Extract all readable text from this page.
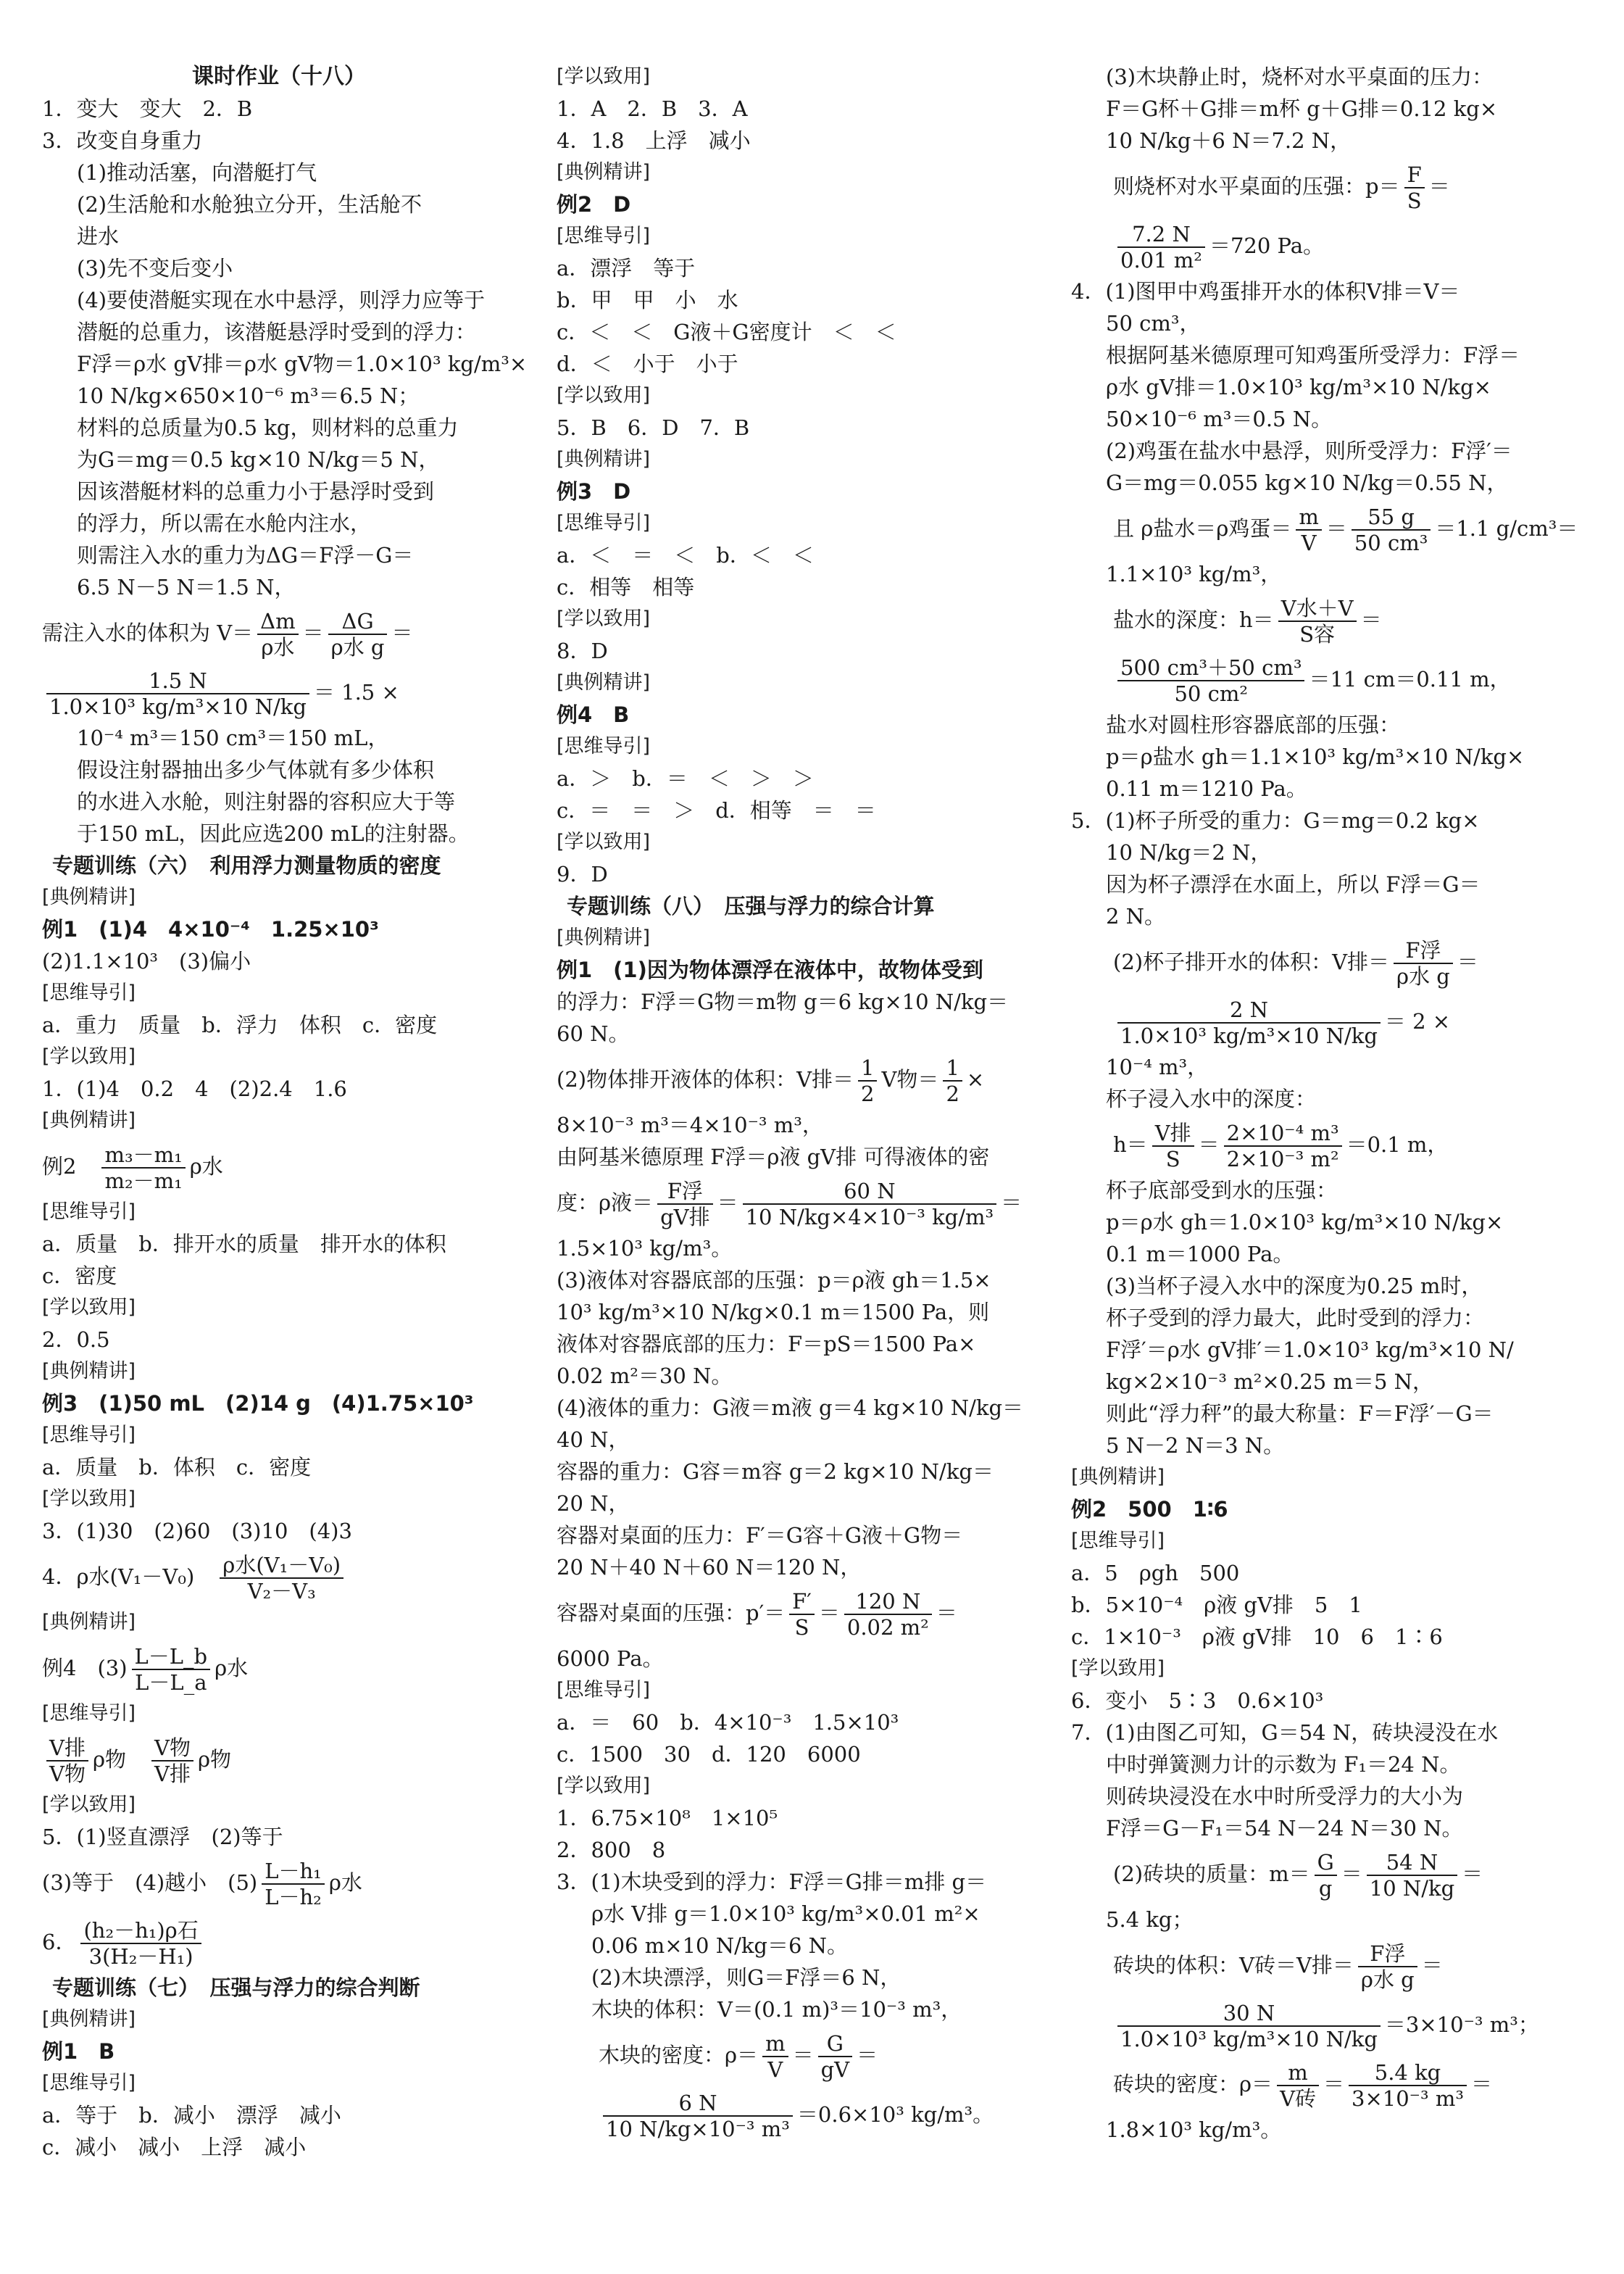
课时作业（十八）
1．变大　变大　2．B
3．改变自身重力
(1)推动活塞，向潜艇打气
(2)生活舱和水舱独立分开，生活舱不
进水
(3)先不变后变小
(4)要使潜艇实现在水中悬浮，则浮力应等于
潜艇的总重力，该潜艇悬浮时受到的浮力：
F浮＝ρ水 gV排＝ρ水 gV物＝1.0×10³ kg/m³×
10 N/kg×650×10⁻⁶ m³＝6.5 N；
材料的总质量为0.5 kg，则材料的总重力
为G＝mg＝0.5 kg×10 N/kg＝5 N，
因该潜艇材料的总重力小于悬浮时受到
的浮力，所以需在水舱内注水，
则需注入水的重力为ΔG＝F浮－G＝
6.5 N－5 N＝1.5 N，
需注入水的体积为 $V= \frac{\Delta m}{\text{ρ水}} = \frac{\Delta G}{\text{ρ水 g}}$ ＝
$\frac{1.5 N}{\text{1.0×10³ kg/m³×10 N/kg}} = 1.5$ ×
10⁻⁴ m³＝150 cm³＝150 mL，
假设注射器抽出多少气体就有多少体积
的水进入水舱，则注射器的容积应大于等
于150 mL，因此应选200 mL的注射器。
专题训练（六）　利用浮力测量物质的密度
[典例精讲]
例1　(1)4　4×10⁻⁴　1.25×10³
(2)1.1×10³　(3)偏小
[思维导引]
a．重力　质量　b．浮力　体积　c．密度
[学以致用]
1．(1)4　0.2　4　(2)2.4　1.6
[典例精讲]
例2　 $\frac{\text{m₃－m₁}}{\text{m₂－m₁}}$ ρ水
[思维导引]
a．质量　b．排开水的质量　排开水的体积
c．密度
[学以致用]
2．0.5
[典例精讲]
例3　(1)50 mL　(2)14 g　(4)1.75×10³
[思维导引]
a．质量　b．体积　c．密度
[学以致用]
3．(1)30　(2)60　(3)10　(4)3
4．ρ水(V₁－V₀)　 $\frac{\text{ρ水(V₁－V₀)}}{\text{V₂－V₃}}$
[典例精讲]
例4　$(3) \frac{L-L\_b}{L-L\_a}$ ρ水
[思维导引]
$\frac{\text{V排}}{\text{V物}}$ ρ物　 $\frac{\text{V物}}{\text{V排}}$ ρ物
[学以致用]
5．(1)竖直漂浮　(2)等于
(3)等于　(4)越小　$(5) \frac{\text{L－h₁}}{\text{L－h₂}}$ ρ水
6． $\frac{\text{(h₂－h₁)ρ石}}{\text{3(H₂－H₁)}}$
专题训练（七）　压强与浮力的综合判断
[典例精讲]
例1　B
[思维导引]
a．等于　b．减小　漂浮　减小
c．减小　减小　上浮　减小
[学以致用]
1．A　2．B　3．A
4．1.8　上浮　减小
[典例精讲]
例2　D
[思维导引]
a．漂浮　等于
b．甲　甲　小　水
c．＜　＜　G液＋G密度计　＜　＜
d．＜　小于　小于
[学以致用]
5．B　6．D　7．B
[典例精讲]
例3　D
[思维导引]
a．＜　＝　＜　b．＜　＜
c．相等　相等
[学以致用]
8．D
[典例精讲]
例4　B
[思维导引]
a．＞　b．＝　＜　＞　＞
c．＝　＝　＞　d．相等　＝　＝
[学以致用]
9．D
专题训练（八）　压强与浮力的综合计算
[典例精讲]
例1　(1)因为物体漂浮在液体中，故物体受到
的浮力：F浮＝G物＝m物 g＝6 kg×10 N/kg＝
60 N。
(2)物体排开液体的体积：V排＝ $\frac{1}{2}$ V物＝ $\frac{1}{2}$ ×
8×10⁻³ m³＝4×10⁻³ m³，
由阿基米德原理 F浮＝ρ液 gV排 可得液体的密
度：ρ液＝ $\frac{\text{F浮}}{\text{gV排}} = \frac{60 N}{\text{10 N/kg×4×10⁻³ kg/m³}}$ ＝
1.5×10³ kg/m³。
(3)液体对容器底部的压强：p＝ρ液 gh＝1.5×
10³ kg/m³×10 N/kg×0.1 m＝1500 Pa，则
液体对容器底部的压力：F＝pS＝1500 Pa×
0.02 m²＝30 N。
(4)液体的重力：G液＝m液 g＝4 kg×10 N/kg＝
40 N，
容器的重力：G容＝m容 g＝2 kg×10 N/kg＝
20 N，
容器对桌面的压力：F′＝G容＋G液＋G物＝
20 N＋40 N＋60 N＝120 N，
容器对桌面的压强：$p'= \frac{F'}{S} = \frac{120 N}{\text{0.02 m²}}$ ＝
6000 Pa。
[思维导引]
a．＝　60　b．4×10⁻³　1.5×10³
c．1500　30　d．120　6000
[学以致用]
1．6.75×10⁸　1×10⁵
2．800　8
3．(1)木块受到的浮力：F浮＝G排＝m排 g＝
ρ水 V排 g＝1.0×10³ kg/m³×0.01 m²×
0.06 m×10 N/kg＝6 N。
(2)木块漂浮，则G＝F浮＝6 N，
木块的体积：V＝(0.1 m)³＝10⁻³ m³，
　　木块的密度：$\rho= \frac{m}{V} = \frac{G}{gV}$ ＝

$\frac{6 N}{\text{10 N/kg×10⁻³ m³}} =0.6\times 10^3$ kg/m³。
(3)木块静止时，烧杯对水平桌面的压力：
F＝G杯＋G排＝m杯 g＋G排＝0.12 kg×
10 N/kg＋6 N＝7.2 N，
　　则烧杯对水平桌面的压强：$p= \frac{F}{S}$ ＝

$\frac{7.2 N}{\text{0.01 m²}} =720$ Pa。
4．(1)图甲中鸡蛋排开水的体积V排＝V＝
50 cm³，
根据阿基米德原理可知鸡蛋所受浮力：F浮＝
ρ水 gV排＝1.0×10³ kg/m³×10 N/kg×
50×10⁻⁶ m³＝0.5 N。
(2)鸡蛋在盐水中悬浮，则所受浮力：F浮′＝
G＝mg＝0.055 kg×10 N/kg＝0.55 N，
　　且 ρ盐水＝ρ鸡蛋＝ $\frac{m}{V} = \frac{55 g}{\text{50 cm³}} =1.1$ g/cm³＝
1.1×10³ kg/m³，
　　盐水的深度：$h= \frac{\text{V水＋V}}{\text{S容}}$ ＝

$\frac{\text{500 cm³＋50 cm³}}{\text{50 cm²}} =11$ cm＝0.11 m，
盐水对圆柱形容器底部的压强：
p＝ρ盐水 gh＝1.1×10³ kg/m³×10 N/kg×
0.11 m＝1210 Pa。
5．(1)杯子所受的重力：G＝mg＝0.2 kg×
10 N/kg＝2 N，
因为杯子漂浮在水面上，所以 F浮＝G＝
2 N。
　　(2)杯子排开水的体积：V排＝ $\frac{\text{F浮}}{\text{ρ水 g}}$ ＝

$\frac{2 N}{\text{1.0×10³ kg/m³×10 N/kg}} = 2$ ×
10⁻⁴ m³，
杯子浸入水中的深度：
　　$h= \frac{\text{V排}}{S} = \frac{\text{2×10⁻⁴ m³}}{\text{2×10⁻³ m²}} =0.1$ m，
杯子底部受到水的压强：
p＝ρ水 gh＝1.0×10³ kg/m³×10 N/kg×
0.1 m＝1000 Pa。
(3)当杯子浸入水中的深度为0.25 m时，
杯子受到的浮力最大，此时受到的浮力：
F浮′＝ρ水 gV排′＝1.0×10³ kg/m³×10 N/
kg×2×10⁻³ m²×0.25 m＝5 N，
则此“浮力秤”的最大称量：F＝F浮′－G＝
5 N－2 N＝3 N。
[典例精讲]
例2　500　1∶6
[思维导引]
a．5　ρgh　500
b．5×10⁻⁴　ρ液 gV排　5　1
c．1×10⁻³　ρ液 gV排　10　6　1∶6
[学以致用]
6．变小　5∶3　0.6×10³
7．(1)由图乙可知，G＝54 N，砖块浸没在水
中时弹簧测力计的示数为 F₁＝24 N。
则砖块浸没在水中时所受浮力的大小为
F浮＝G－F₁＝54 N－24 N＝30 N。
　　(2)砖块的质量：$m= \frac{G}{g} = \frac{54 N}{10 N/kg}$ ＝
5.4 kg；
　　砖块的体积：V砖＝V排＝ $\frac{\text{F浮}}{\text{ρ水 g}}$ ＝

$\frac{30 N}{\text{1.0×10³ kg/m³×10 N/kg}} =3\times 10^{-3}$ m³；
　　砖块的密度：$\rho= \frac{m}{\text{V砖}} = \frac{5.4 kg}{\text{3×10⁻³ m³}}$ ＝
1.8×10³ kg/m³。
